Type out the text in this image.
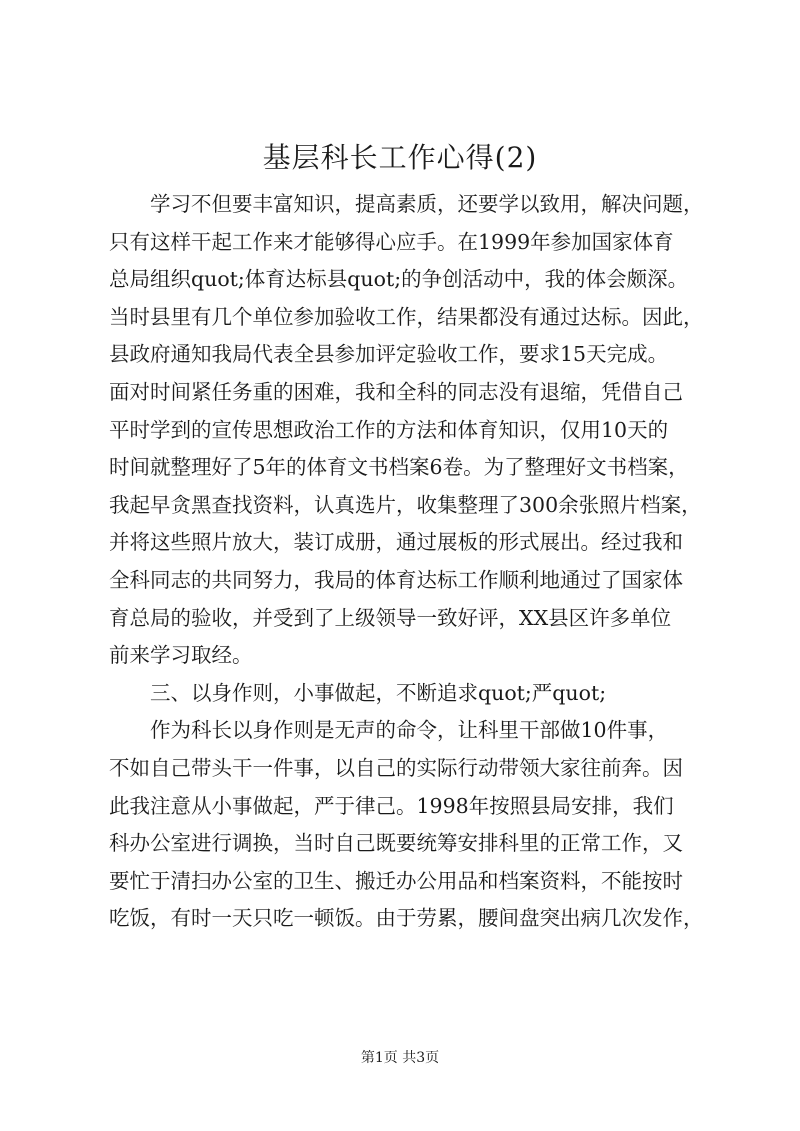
基层科长工作心得(2)
学习不但要丰富知识，提高素质，还要学以致用，解决问题，
只有这样干起工作来才能够得心应手。在1999年参加国家体育
总局组织quot;体育达标县quot;的争创活动中，我的体会颇深。
当时县里有几个单位参加验收工作，结果都没有通过达标。因此，
县政府通知我局代表全县参加评定验收工作，要求15天完成。
面对时间紧任务重的困难，我和全科的同志没有退缩，凭借自己
平时学到的宣传思想政治工作的方法和体育知识，仅用10天的
时间就整理好了5年的体育文书档案6卷。为了整理好文书档案，
我起早贪黑查找资料，认真选片，收集整理了300余张照片档案，
并将这些照片放大，装订成册，通过展板的形式展出。经过我和
全科同志的共同努力，我局的体育达标工作顺利地通过了国家体
育总局的验收，并受到了上级领导一致好评，XX县区许多单位
前来学习取经。
三、以身作则，小事做起，不断追求quot;严quot;
作为科长以身作则是无声的命令，让科里干部做10件事，
不如自己带头干一件事，以自己的实际行动带领大家往前奔。因
此我注意从小事做起，严于律己。1998年按照县局安排，我们
科办公室进行调换，当时自己既要统筹安排科里的正常工作，又
要忙于清扫办公室的卫生、搬迁办公用品和档案资料，不能按时
吃饭，有时一天只吃一顿饭。由于劳累，腰间盘突出病几次发作，
第1页 共3页
